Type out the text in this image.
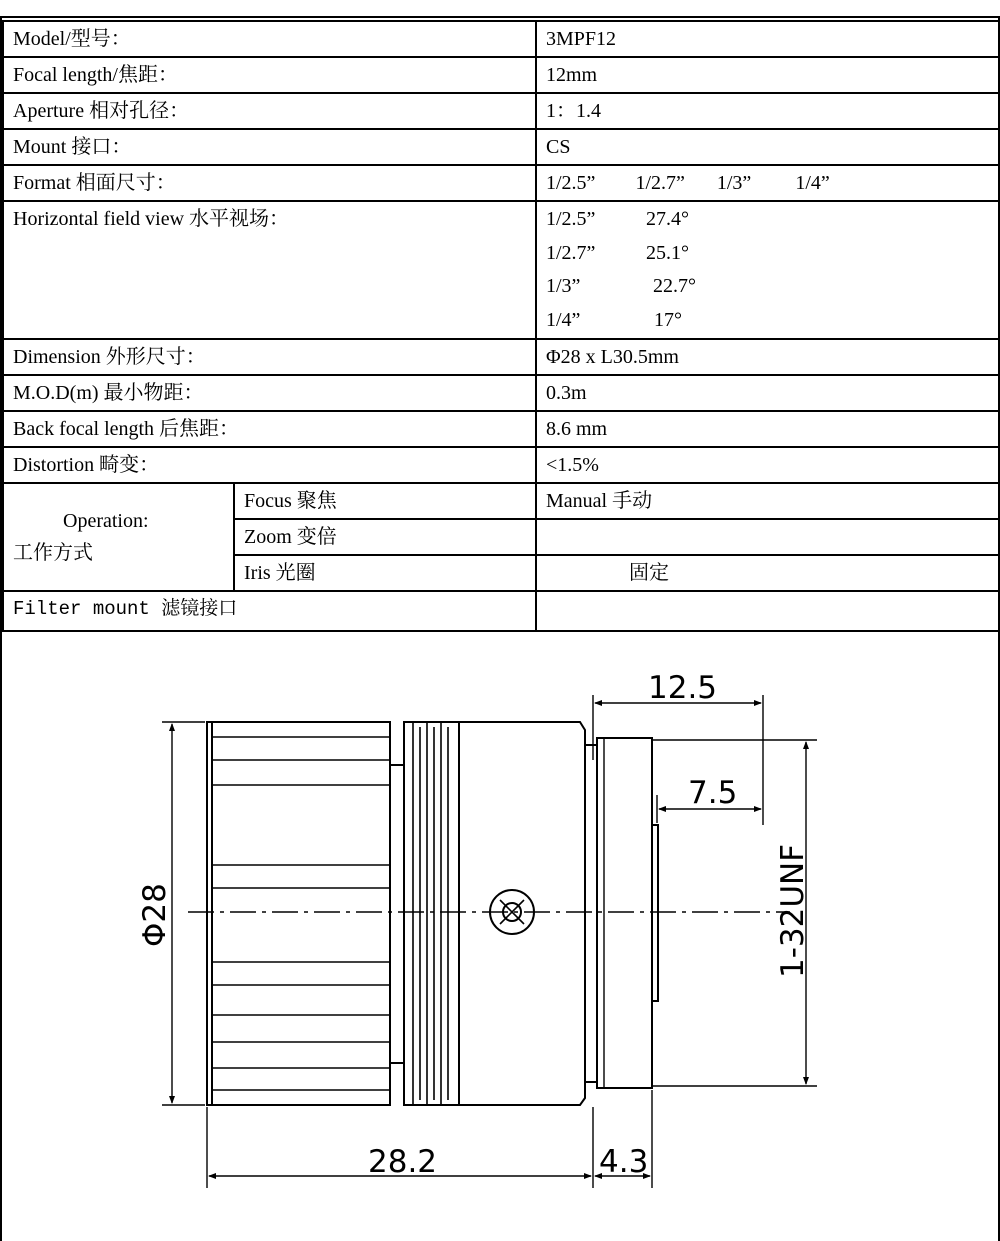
Model/型号：		3MPF12
Focal length/焦距：		12mm
Aperture 相对孔径：		1：1.4
Mount 接口：		CS
Format 相面尺寸：		1/2.5” 1/2.7” 1/3” 1/4”
Horizontal field view 水平视场：		1/2.5” 27.4°
1/2.7” 25.1°
1/3” 22.7°
1/4” 17°

Dimension 外形尺寸：		Φ28 x L30.5mm
M.O.D(m) 最小物距：		0.3m
Back focal length 后焦距：		8.6 mm
Distortion 畸变：		<1.5%

Operation:
工作方式	Focus 聚焦	Manual 手动
	Zoom 变倍	
	Iris 光圈	固定
Filter mount 滤镜接口		
Φ28
12.5
7.5
1-32UNF
28.2	4.3
